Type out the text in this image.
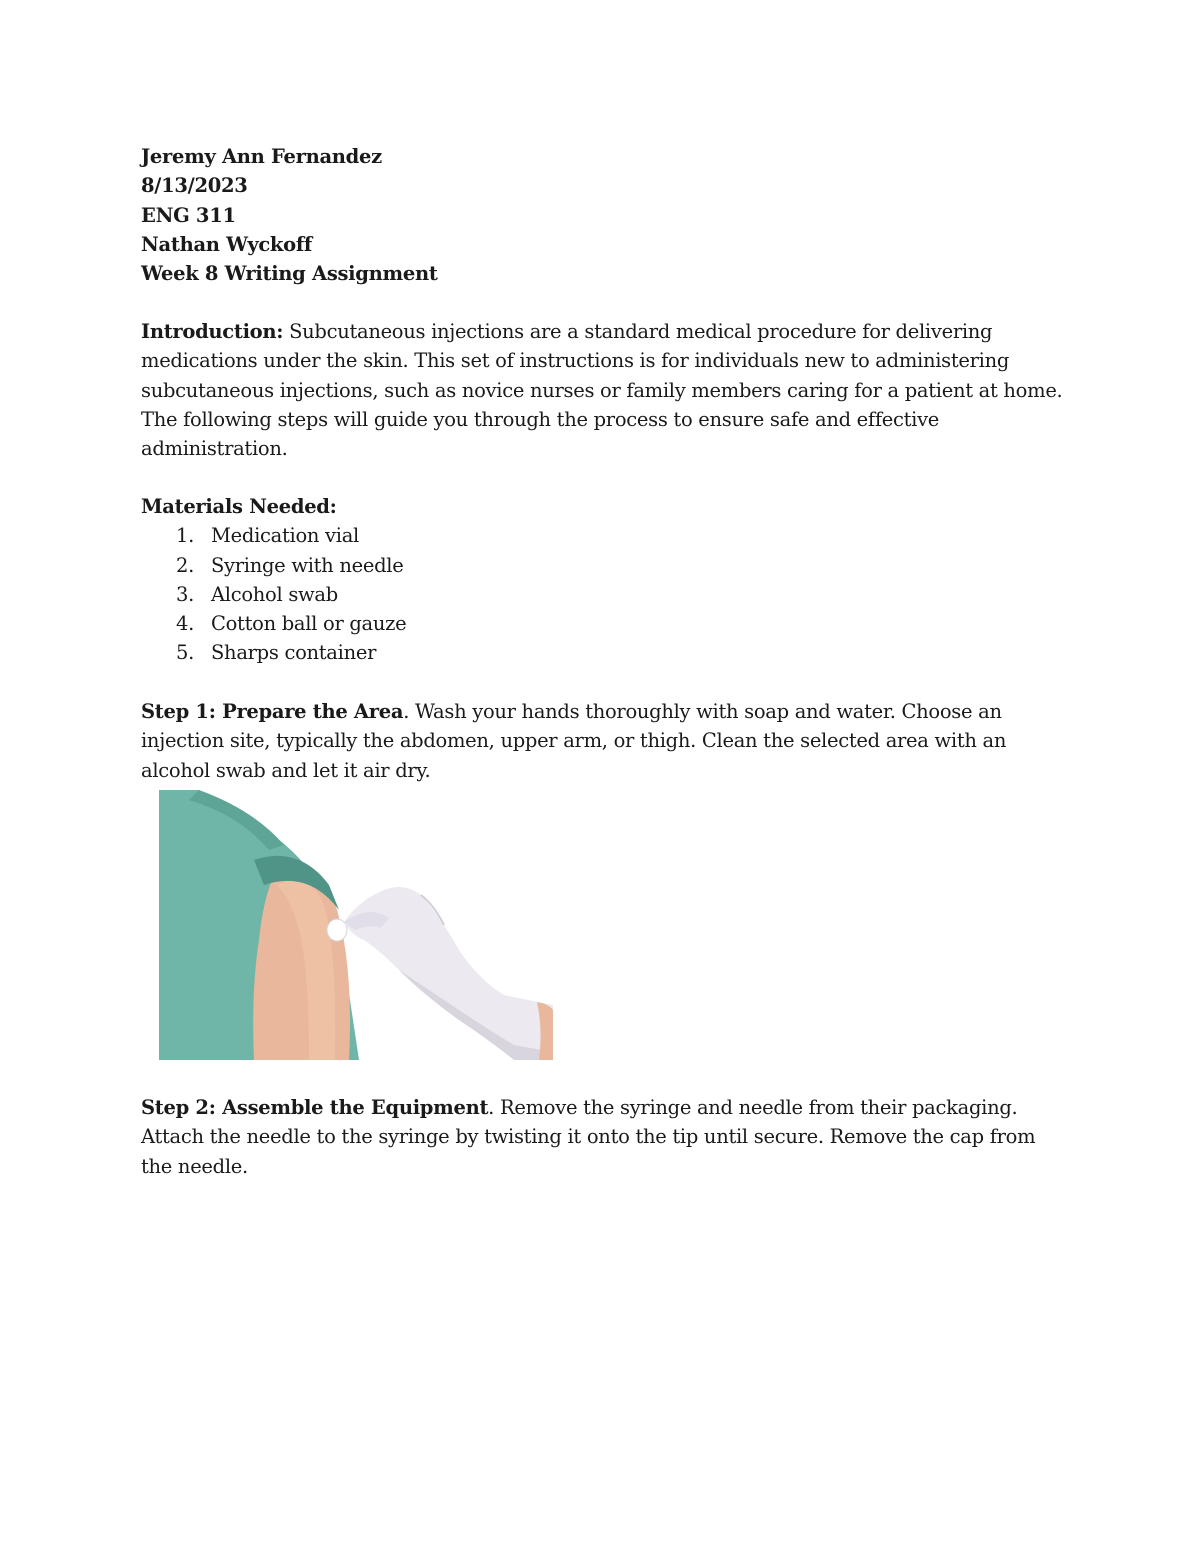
Jeremy Ann Fernandez
8/13/2023
ENG 311
Nathan Wyckoff
Week 8 Writing Assignment
Introduction: Subcutaneous injections are a standard medical procedure for delivering medications under the skin. This set of instructions is for individuals new to administering subcutaneous injections, such as novice nurses or family members caring for a patient at home. The following steps will guide you through the process to ensure safe and effective administration.
Materials Needed:
1. Medication vial
2. Syringe with needle
3. Alcohol swab
4. Cotton ball or gauze
5. Sharps container
Step 1: Prepare the Area. Wash your hands thoroughly with soap and water. Choose an injection site, typically the abdomen, upper arm, or thigh. Clean the selected area with an alcohol swab and let it air dry.
Step 2: Assemble the Equipment. Remove the syringe and needle from their packaging. Attach the needle to the syringe by twisting it onto the tip until secure. Remove the cap from the needle.
